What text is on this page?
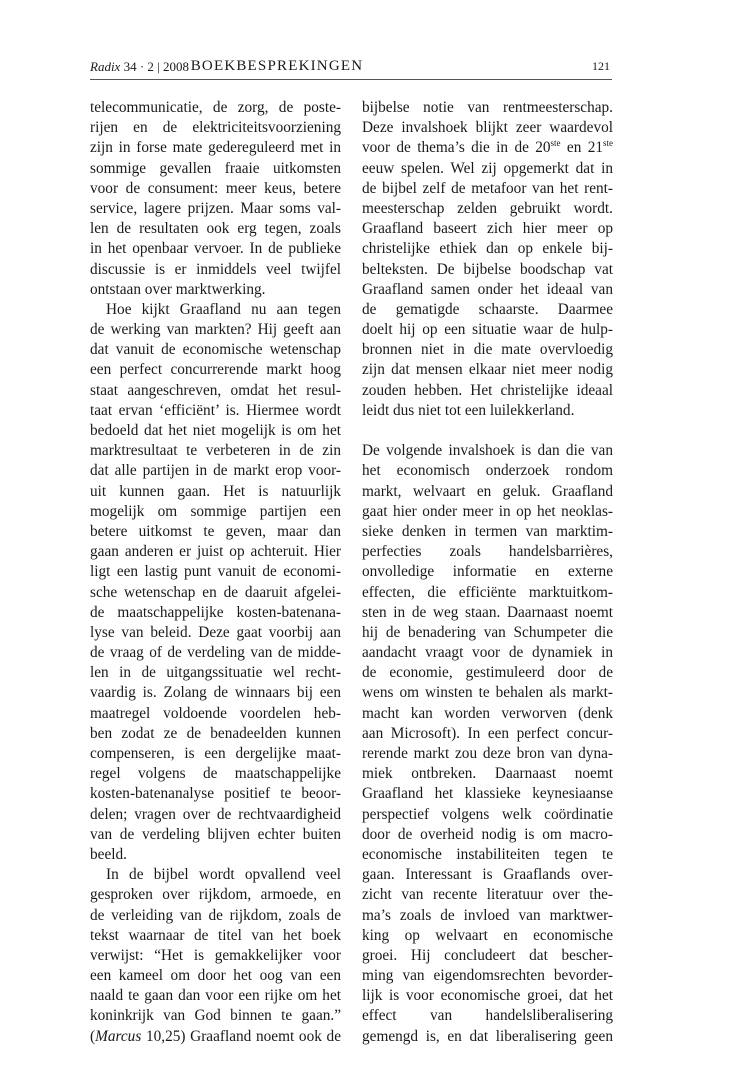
Radix 34 · 2 | 2008 BOEKBESPREKINGEN	121
telecommunicatie, de zorg, de poste-
rijen en de elektriciteitsvoorziening
zijn in forse mate gedereguleerd met in
sommige gevallen fraaie uitkomsten
voor de consument: meer keus, betere
service, lagere prijzen. Maar soms val-
len de resultaten ook erg tegen, zoals
in het openbaar vervoer. In de publieke
discussie is er inmiddels veel twijfel
ontstaan over marktwerking.
Hoe kijkt Graafland nu aan tegen
de werking van markten? Hij geeft aan
dat vanuit de economische wetenschap
een perfect concurrerende markt hoog
staat aangeschreven, omdat het resul-
taat ervan ‘efficiënt’ is. Hiermee wordt
bedoeld dat het niet mogelijk is om het
marktresultaat te verbeteren in de zin
dat alle partijen in de markt erop voor-
uit kunnen gaan. Het is natuurlijk
mogelijk om sommige partijen een
betere uitkomst te geven, maar dan
gaan anderen er juist op achteruit. Hier
ligt een lastig punt vanuit de economi-
sche wetenschap en de daaruit afgelei-
de maatschappelijke kosten-batenana-
lyse van beleid. Deze gaat voorbij aan
de vraag of de verdeling van de midde-
len in de uitgangssituatie wel recht-
vaardig is. Zolang de winnaars bij een
maatregel voldoende voordelen heb-
ben zodat ze de benadeelden kunnen
compenseren, is een dergelijke maat-
regel volgens de maatschappelijke
kosten-batenanalyse positief te beoor-
delen; vragen over de rechtvaardigheid
van de verdeling blijven echter buiten
beeld.
In de bijbel wordt opvallend veel
gesproken over rijkdom, armoede, en
de verleiding van de rijkdom, zoals de
tekst waarnaar de titel van het boek
verwijst: “Het is gemakkelijker voor
een kameel om door het oog van een
naald te gaan dan voor een rijke om het
koninkrijk van God binnen te gaan.”
(Marcus 10,25) Graafland noemt ook de
bijbelse notie van rentmeesterschap.
Deze invalshoek blijkt zeer waardevol
voor de thema’s die in de 20ste en 21ste
eeuw spelen. Wel zij opgemerkt dat in
de bijbel zelf de metafoor van het rent-
meesterschap zelden gebruikt wordt.
Graafland baseert zich hier meer op
christelijke ethiek dan op enkele bij-
belteksten. De bijbelse boodschap vat
Graafland samen onder het ideaal van
de gematigde schaarste. Daarmee
doelt hij op een situatie waar de hulp-
bronnen niet in die mate overvloedig
zijn dat mensen elkaar niet meer nodig
zouden hebben. Het christelijke ideaal
leidt dus niet tot een luilekkerland.
De volgende invalshoek is dan die van
het economisch onderzoek rondom
markt, welvaart en geluk. Graafland
gaat hier onder meer in op het neoklas-
sieke denken in termen van marktim-
perfecties zoals handelsbarrières,
onvolledige informatie en externe
effecten, die efficiënte marktuitkom-
sten in de weg staan. Daarnaast noemt
hij de benadering van Schumpeter die
aandacht vraagt voor de dynamiek in
de economie, gestimuleerd door de
wens om winsten te behalen als markt-
macht kan worden verworven (denk
aan Microsoft). In een perfect concur-
rerende markt zou deze bron van dyna-
miek ontbreken. Daarnaast noemt
Graafland het klassieke keynesiaanse
perspectief volgens welk coördinatie
door de overheid nodig is om macro-
economische instabiliteiten tegen te
gaan. Interessant is Graaflands over-
zicht van recente literatuur over the-
ma’s zoals de invloed van marktwer-
king op welvaart en economische
groei. Hij concludeert dat bescher-
ming van eigendomsrechten bevorder-
lijk is voor economische groei, dat het
effect van handelsliberalisering
gemengd is, en dat liberalisering geen
